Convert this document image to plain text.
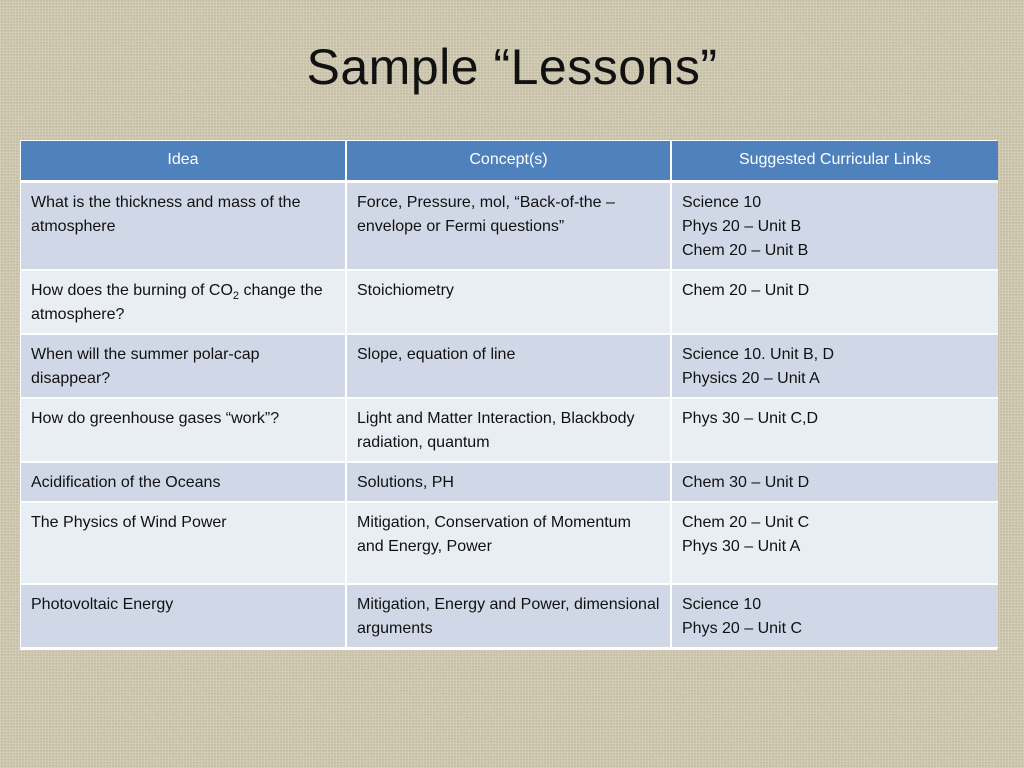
Sample “Lessons”
Idea	Concept(s)	Suggested Curricular Links
What is the thickness and mass of the atmosphere	Force, Pressure, mol, “Back-of-the – envelope or Fermi questions”	Science 10
Phys 20 – Unit B
Chem 20 – Unit B

How does the burning of $CO_2$ change the atmosphere?	Stoichiometry	Chem 20 – Unit D

When will the summer polar-cap disappear?	Slope, equation of line	Science 10. Unit B, D
Physics 20 – Unit A

How do greenhouse gases “work”?	Light and Matter Interaction, Blackbody radiation, quantum	Phys 30 – Unit C,D

Acidification of the Oceans	Solutions, PH	Chem 30 – Unit D

The Physics of Wind Power	Mitigation, Conservation of Momentum and Energy, Power	Chem 20 – Unit C
Phys 30 – Unit A

Photovoltaic Energy	Mitigation, Energy and Power, dimensional arguments	Science 10
Phys 20 – Unit C
